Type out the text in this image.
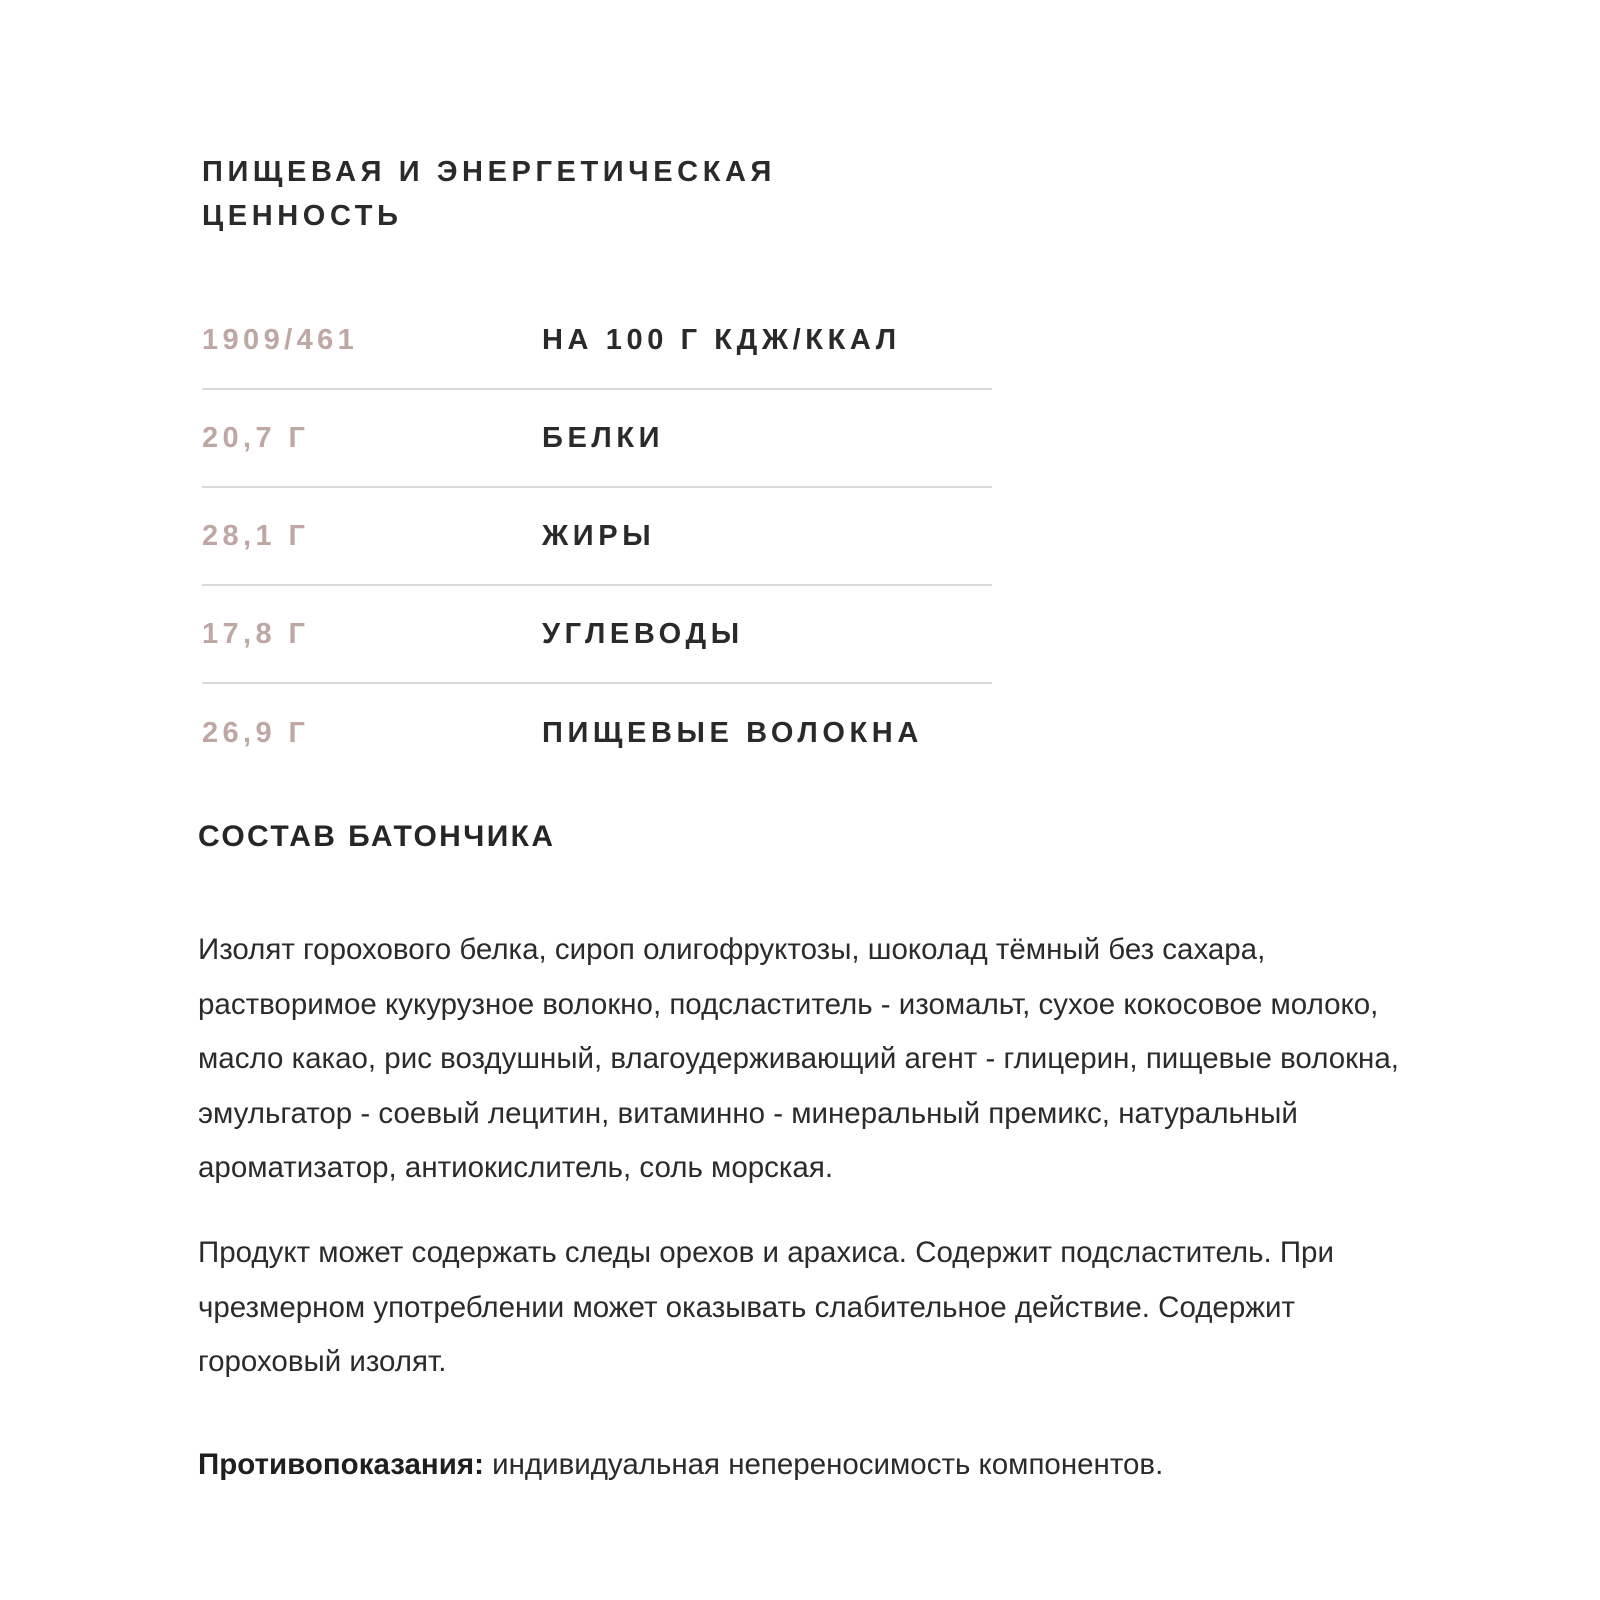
ПИЩЕВАЯ И ЭНЕРГЕТИЧЕСКАЯ ЦЕННОСТЬ
1909/461	НА 100 Г КДЖ/ККАЛ
20,7 Г	БЕЛКИ
28,1 Г	ЖИРЫ
17,8 Г	УГЛЕВОДЫ
26,9 Г	ПИЩЕВЫЕ ВОЛОКНА
СОСТАВ БАТОНЧИКА

Изолят горохового белка, сироп олигофруктозы, шоколад тёмный без сахара, растворимое кукурузное волокно, подсластитель - изомальт, сухое кокосовое молоко, масло какао, рис воздушный, влагоудерживающий агент - глицерин, пищевые волокна, эмульгатор - соевый лецитин, витаминно - минеральный премикс, натуральный ароматизатор, антиокислитель, соль морская.

Продукт может содержать следы орехов и арахиса. Содержит подсластитель. При чрезмерном употреблении может оказывать слабительное действие. Содержит гороховый изолят.

Противопоказания: индивидуальная непереносимость компонентов.
